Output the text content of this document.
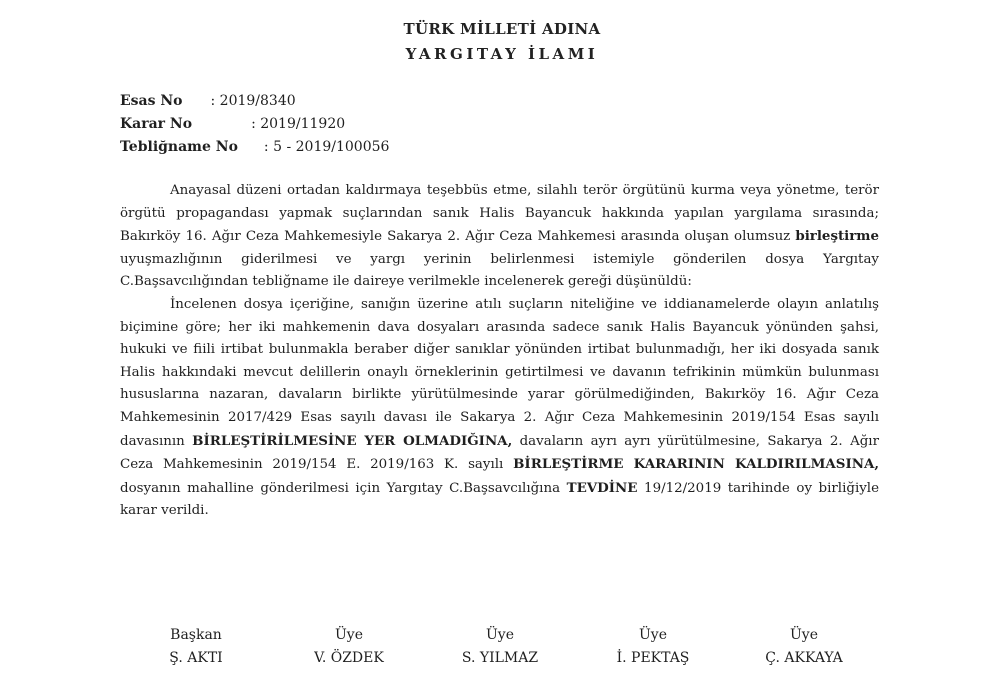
TÜRK MİLLETİ ADINA
YARGITAY İLAMI
Esas No : 2019/8340
Karar No	: 2019/11920
Tebliğname No : 5 - 2019/100056

Anayasal düzeni ortadan kaldırmaya teşebbüs etme, silahlı terör örgütünü kurma veya yönetme, terör örgütü propagandası yapmak suçlarından sanık Halis Bayancuk hakkında yapılan yargılama sırasında; Bakırköy 16. Ağır Ceza Mahkemesiyle Sakarya 2. Ağır Ceza Mahkemesi arasında oluşan olumsuz birleştirme uyuşmazlığının giderilmesi ve yargı yerinin belirlenmesi istemiyle gönderilen dosya Yargıtay C.Başsavcılığından tebliğname ile daireye verilmekle incelenerek gereği düşünüldü:

İncelenen dosya içeriğine, sanığın üzerine atılı suçların niteliğine ve iddianamelerde olayın anlatılış biçimine göre; her iki mahkemenin dava dosyaları arasında sadece sanık Halis Bayancuk yönünden şahsi, hukuki ve fiili irtibat bulunmakla beraber diğer sanıklar yönünden irtibat bulunmadığı, her iki dosyada sanık Halis hakkındaki mevcut delillerin onaylı örneklerinin getirtilmesi ve davanın tefrikinin mümkün bulunması hususlarına nazaran, davaların birlikte yürütülmesinde yarar görülmediğinden, Bakırköy 16. Ağır Ceza Mahkemesinin 2017/429 Esas sayılı davası ile Sakarya 2. Ağır Ceza Mahkemesinin 2019/154 Esas sayılı davasının BİRLEŞTİRİLMESİNE YER OLMADIĞINA, davaların ayrı ayrı yürütülmesine, Sakarya 2. Ağır Ceza Mahkemesinin 2019/154 E. 2019/163 K. sayılı BİRLEŞTİRME KARARININ KALDIRILMASINA, dosyanın mahalline gönderilmesi için Yargıtay C.Başsavcılığına TEVDİNE 19/12/2019 tarihinde oy birliğiyle karar verildi.

Başkan
Ş. AKTI
Üye
V. ÖZDEK
Üye
S. YILMAZ
Üye
İ. PEKTAŞ
Üye
Ç. AKKAYA
